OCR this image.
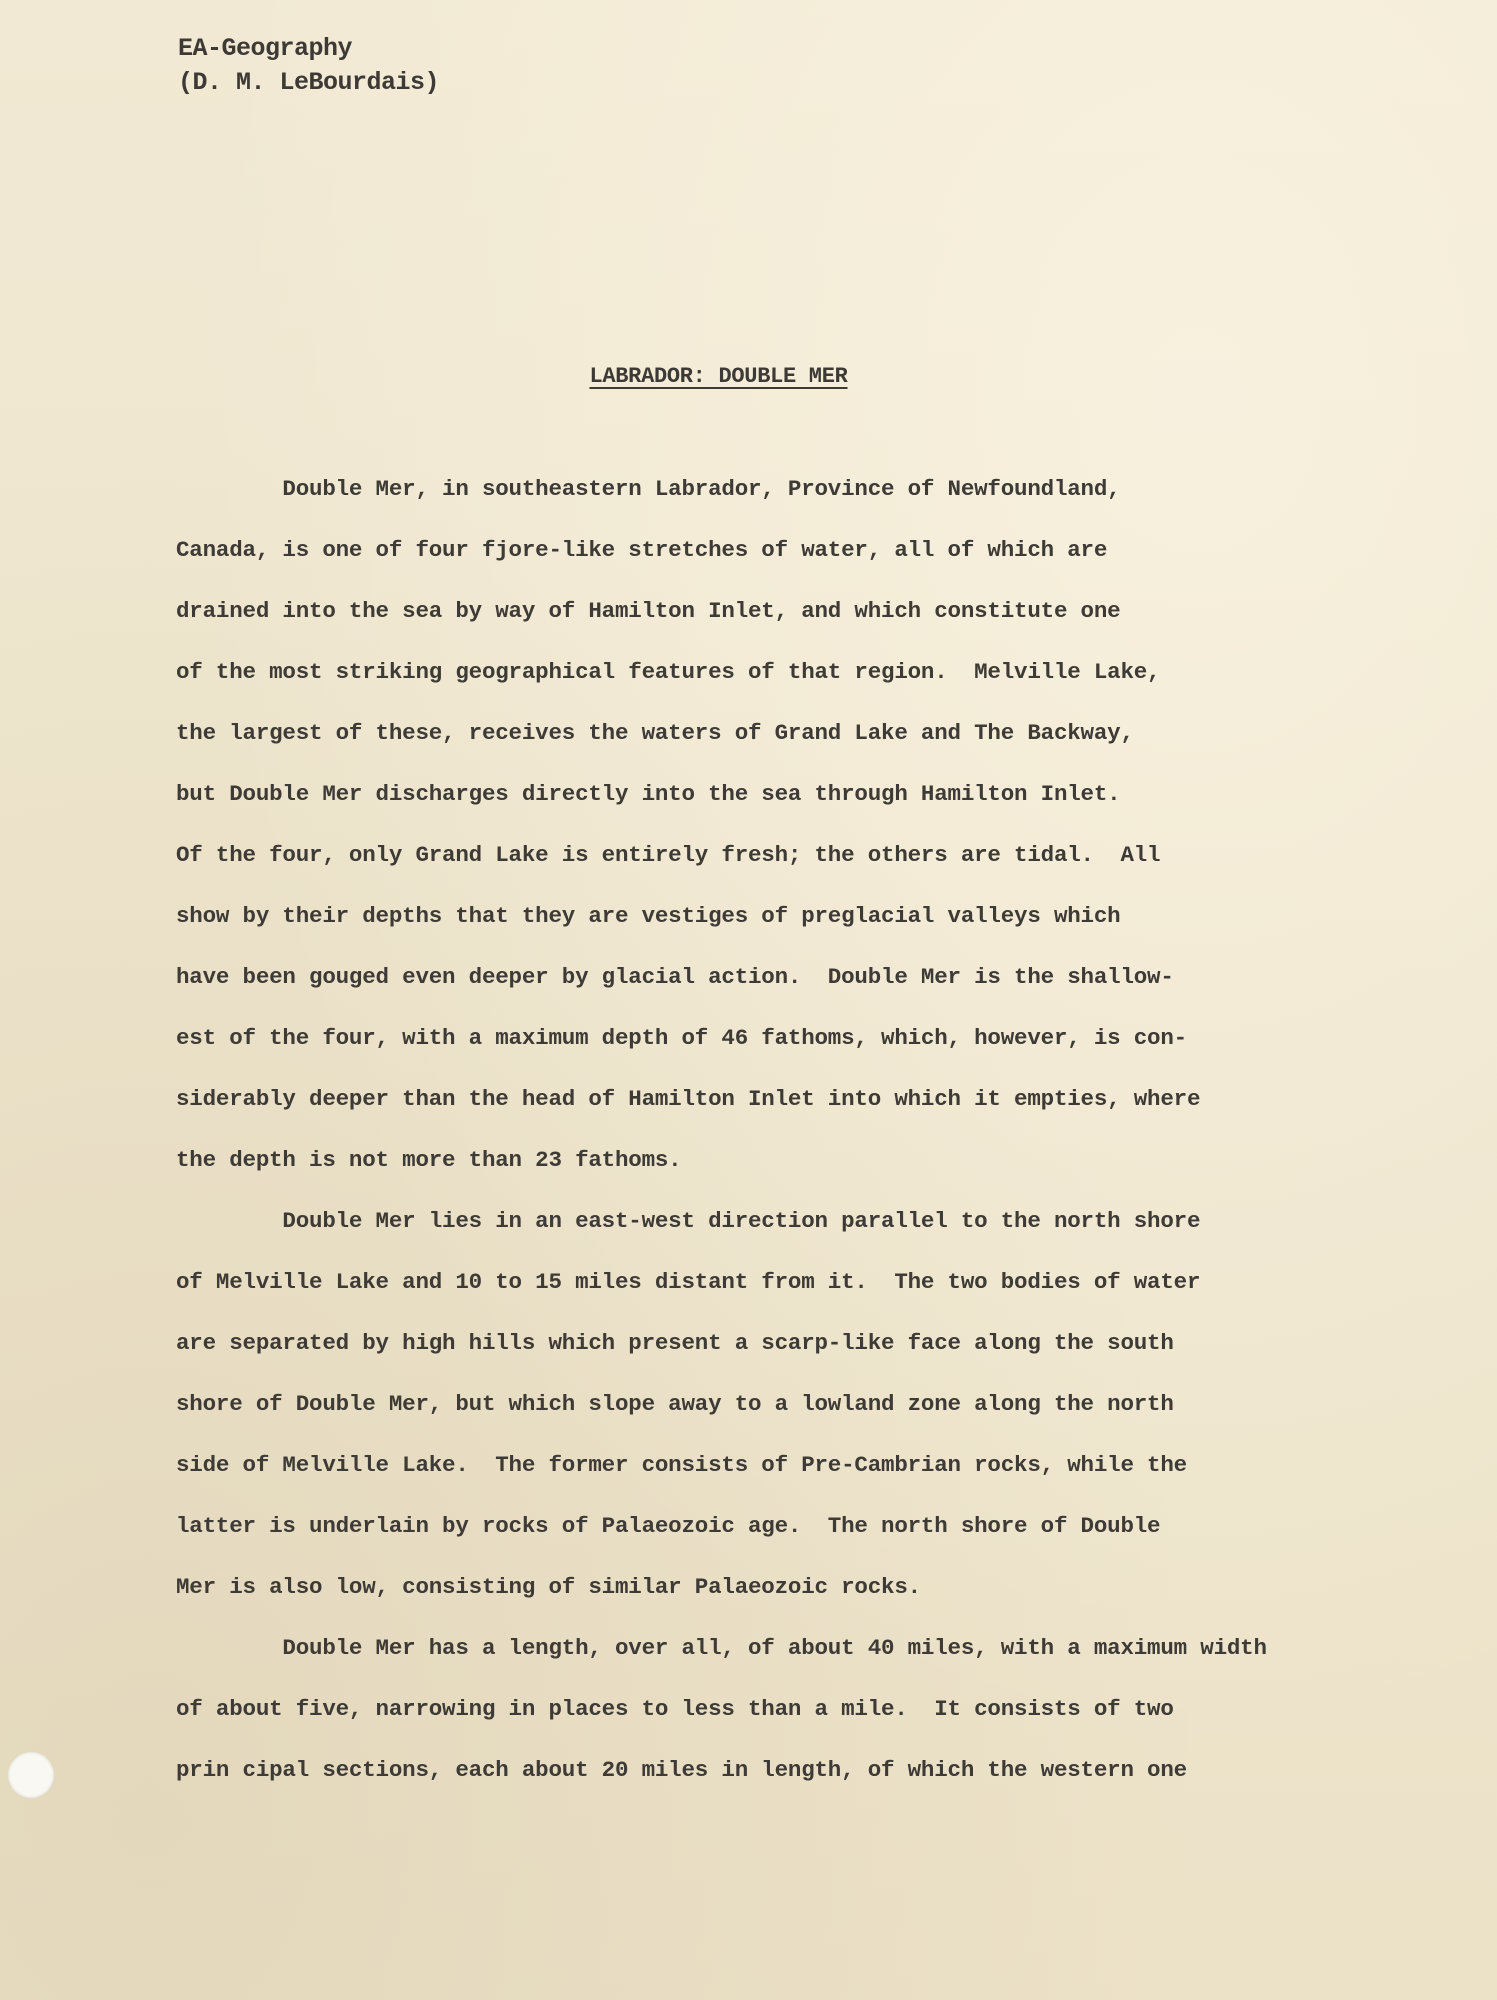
EA-Geography
(D. M. LeBourdais)
LABRADOR: DOUBLE MER
Double Mer, in southeastern Labrador, Province of Newfoundland,
Canada, is one of four fjore-like stretches of water, all of which are
drained into the sea by way of Hamilton Inlet, and which constitute one
of the most striking geographical features of that region.  Melville Lake,
the largest of these, receives the waters of Grand Lake and The Backway,
but Double Mer discharges directly into the sea through Hamilton Inlet.
Of the four, only Grand Lake is entirely fresh; the others are tidal.  All
show by their depths that they are vestiges of preglacial valleys which
have been gouged even deeper by glacial action.  Double Mer is the shallow-
est of the four, with a maximum depth of 46 fathoms, which, however, is con-
siderably deeper than the head of Hamilton Inlet into which it empties, where
the depth is not more than 23 fathoms.
Double Mer lies in an east-west direction parallel to the north shore
of Melville Lake and 10 to 15 miles distant from it.  The two bodies of water
are separated by high hills which present a scarp-like face along the south
shore of Double Mer, but which slope away to a lowland zone along the north
side of Melville Lake.  The former consists of Pre-Cambrian rocks, while the
latter is underlain by rocks of Palaeozoic age.  The north shore of Double
Mer is also low, consisting of similar Palaeozoic rocks.
Double Mer has a length, over all, of about 40 miles, with a maximum width
of about five, narrowing in places to less than a mile.  It consists of two
prin cipal sections, each about 20 miles in length, of which the western one
